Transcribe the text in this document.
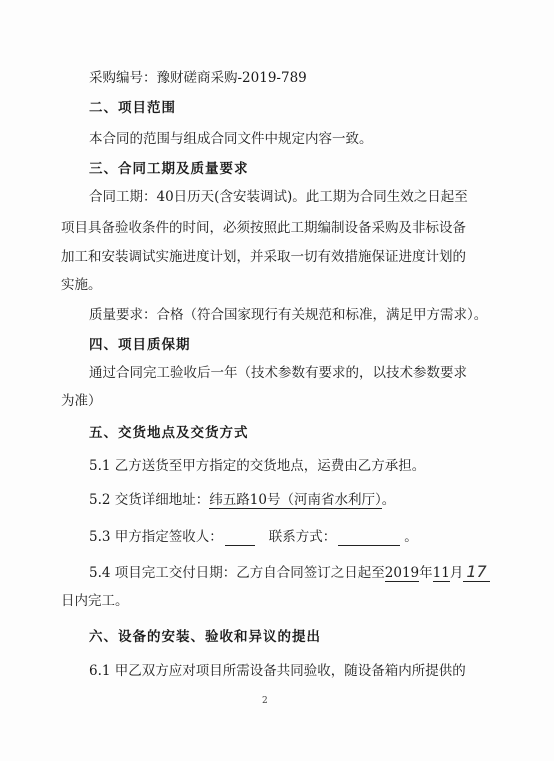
采购编号：豫财磋商采购-2019-789
二、项目范围
本合同的范围与组成合同文件中规定内容一致。
三、合同工期及质量要求
合同工期：40日历天(含安装调试)。此工期为合同生效之日起至
项目具备验收条件的时间，必须按照此工期编制设备采购及非标设备
加工和安装调试实施进度计划，并采取一切有效措施保证进度计划的
实施。
质量要求：合格（符合国家现行有关规范和标准，满足甲方需求）。
四、项目质保期
通过合同完工验收后一年（技术参数有要求的，以技术参数要求
为准）
五、交货地点及交货方式
5.1 乙方送货至甲方指定的交货地点，运费由乙方承担。
5.2 交货详细地址：纬五路10号（河南省水利厅）。
5.3 甲方指定签收人：	联系方式：	。
5.4 项目完工交付日期：乙方自合同签订之日起至2019年11月 17
日内完工。
六、设备的安装、验收和异议的提出
6.1 甲乙双方应对项目所需设备共同验收，随设备箱内所提供的
2
